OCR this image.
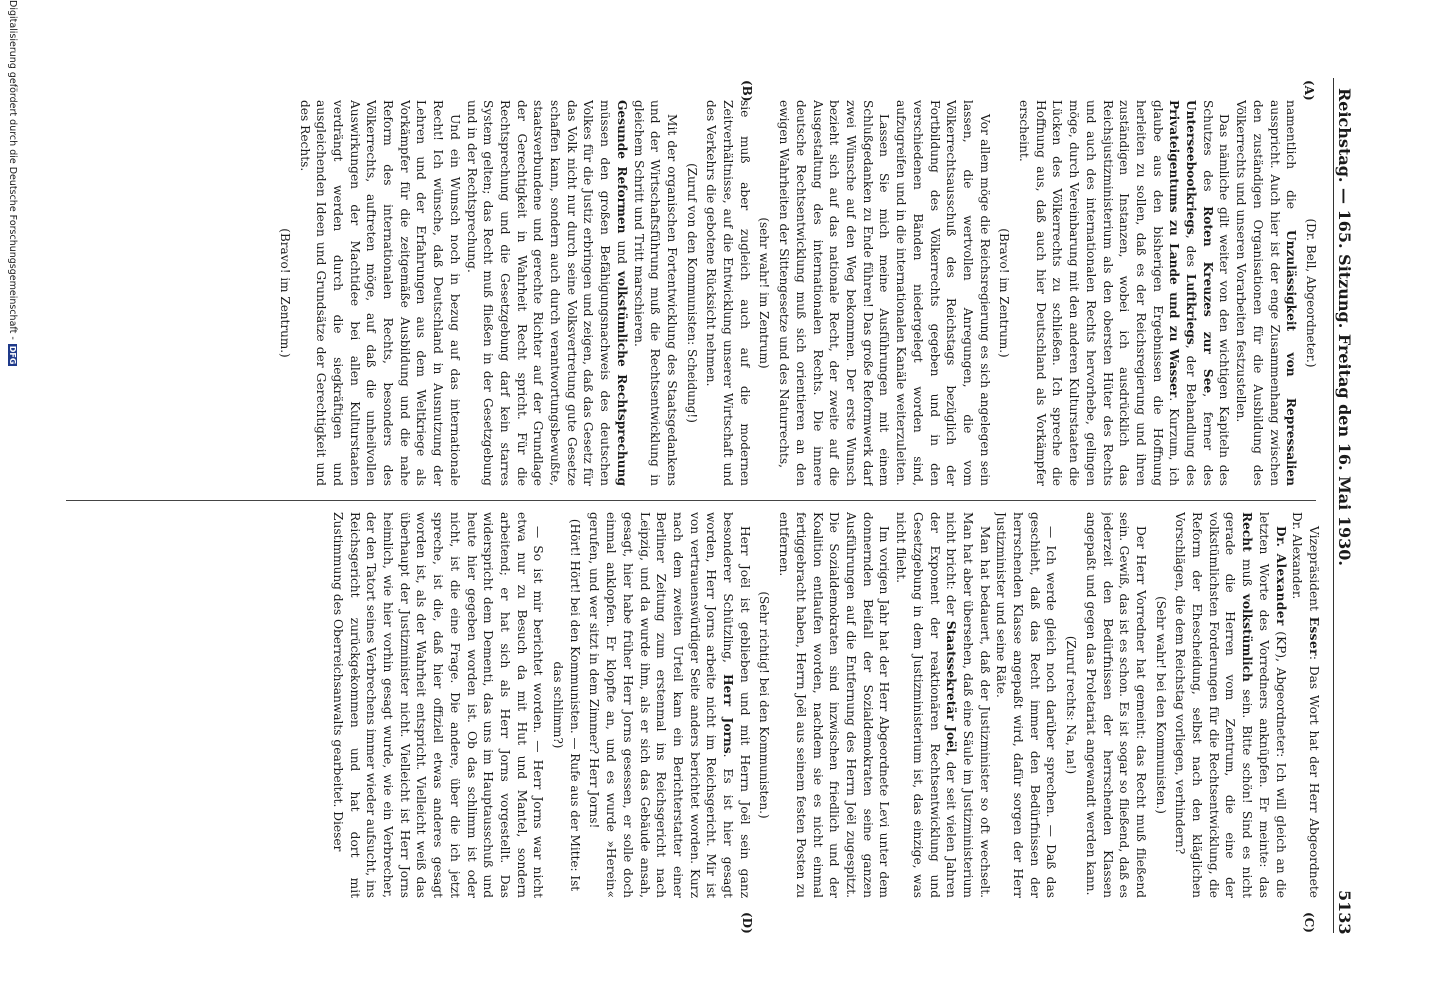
Reichstag. — 165. Sitzung. Freitag den 16. Mai 1930.
5133
(A)
(B)
(C)
(D)

(Dr. Bell, Abgeordneter.)

namentlich die Unzulässigkeit von Repressalien ausspricht. Auch hier ist der enge Zusammenhang zwischen den zuständigen Organisationen für die Ausbildung des Völkerrechts und unseren Vorarbeiten festzustellen.

Das nämliche gilt weiter von den wichtigen Kapiteln des Schutzes des Roten Kreuzes zur See, ferner des Unterseebootkriegs, des Luftkriegs, der Behandlung des Privateigentums zu Lande und zu Wasser. Kurzum, ich glaube aus den bisherigen Ergebnissen die Hoffnung herleiten zu sollen, daß es der Reichsregierung und ihren zuständigen Instanzen, wobei ich ausdrücklich das Reichsjustizministerium als den obersten Hüter des Rechts und auch des internationalen Rechts hervorhebe, gelingen möge, durch Vereinbarung mit den anderen Kulturstaaten die Lücken des Völkerrechts zu schließen. Ich spreche die Hoffnung aus, daß auch hier Deutschland als Vorkämpfer erscheint.

(Bravo! im Zentrum.)

Vor allem möge die Reichsregierung es sich angelegen sein lassen, die wertvollen Anregungen, die vom Völkerrechtsausschuß des Reichstags bezüglich der Fortbildung des Völkerrechts gegeben und in den verschiedenen Bänden niedergelegt worden sind, aufzugreifen und in die internationalen Kanäle weiterzuleiten.

Lassen Sie mich meine Ausführungen mit einem Schlußgedanken zu Ende führen! Das große Reformwerk darf zwei Wünsche auf den Weg bekommen. Der erste Wunsch bezieht sich auf das nationale Recht, der zweite auf die Ausgestaltung des internationalen Rechts. Die innere deutsche Rechtsentwicklung muß sich orientieren an den ewigen Wahrheiten der Sittengesetze und des Naturrechts,

(sehr wahr! im Zentrum)

sie muß aber zugleich auch auf die modernen Zeitverhältnisse, auf die Entwicklung unserer Wirtschaft und des Verkehrs die gebotene Rücksicht nehmen.

(Zuruf von den Kommunisten: Scheidung!)

Mit der organischen Fortentwicklung des Staatsgedankens und der Wirtschaftsführung muß die Rechtsentwicklung in gleichem Schritt und Tritt marschieren.

Gesunde Reformen und volkstümliche Rechtsprechung müssen den großen Befähigungsnachweis des deutschen Volkes für die Justiz erbringen und zeigen, daß das Gesetz für das Volk nicht nur durch seine Volksvertretung gute Gesetze schaffen kann, sondern auch durch verantwortungsbewußte, staatsverbundene und gerechte Richter auf der Grundlage der Gerechtigkeit in Wahrheit Recht spricht. Für die Rechtsprechung und die Gesetzgebung darf kein starres System gelten; das Recht muß fließen in der Gesetzgebung und in der Rechtsprechung.

Und ein Wunsch noch in bezug auf das internationale Recht! Ich wünsche, daß Deutschland in Ausnutzung der Lehren und der Erfahrungen aus dem Weltkriege als Vorkämpfer für die zeitgemäße Ausbildung und die nahe Reform des internationalen Rechts, besonders des Völkerrechts, auftreten möge, auf daß die unheilvollen Auswirkungen der Machtidee bei allen Kulturstaaten verdrängt werden durch die siegkräftigen und ausgleichenden Ideen und Grundsätze der Gerechtigkeit und des Rechts.

(Bravo! im Zentrum.)

Vizepräsident Esser: Das Wort hat der Herr Abgeordnete Dr. Alexander.

Dr. Alexander (KP), Abgeordneter: Ich will gleich an die letzten Worte des Vorredners anknüpfen. Er meinte: das Recht muß volkstümlich sein. Bitte schön! Sind es nicht gerade die Herren vom Zentrum, die eine der volkstümlichsten Forderungen für die Rechtsentwicklung, die Reform der Ehescheidung, selbst nach den kläglichen Vorschlägen, die dem Reichstag vorliegen, verhindern?

(Sehr wahr! bei den Kommunisten.)

Der Herr Vorredner hat gemeint: das Recht muß fließend sein. Gewiß, das ist es schon. Es ist sogar so fließend, daß es jederzeit den Bedürfnissen der herrschenden Klassen angepaßt und gegen das Proletariat angewandt werden kann.

(Zuruf rechts: Na, na!)

— Ich werde gleich noch darüber sprechen. — Daß das geschieht, daß das Recht immer den Bedürfnissen der herrschenden Klasse angepaßt wird, dafür sorgen der Herr Justizminister und seine Räte.

Man hat bedauert, daß der Justizminister so oft wechselt. Man hat aber übersehen, daß eine Säule im Justizministerium nicht bricht: der Staatssekretär Joël, der seit vielen Jahren der Exponent der reaktionären Rechtsentwicklung und Gesetzgebung in dem Justizministerium ist, das einzige, was nicht flieht.

Im vorigen Jahr hat der Herr Abgeordnete Levi unter dem donnernden Beifall der Sozialdemokraten seine ganzen Ausführungen auf die Entfernung des Herrn Joël zugespitzt. Die Sozialdemokraten sind inzwischen friedlich und der Koalition entlaufen worden, nachdem sie es nicht einmal fertiggebracht haben, Herrn Joël aus seinem festen Posten zu entfernen.

(Sehr richtig! bei den Kommunisten.)

Herr Joël ist geblieben und mit Herrn Joël sein ganz besonderer Schützling, Herr Jorns. Es ist hier gesagt worden, Herr Jorns arbeite nicht im Reichsgericht. Mir ist von vertrauenswürdiger Seite anders berichtet worden. Kurz nach dem zweiten Urteil kam ein Berichterstatter einer Berliner Zeitung zum erstenmal ins Reichsgericht nach Leipzig, und da wurde ihm, als er sich das Gebäude ansah, gesagt, hier habe früher Herr Jorns gesessen, er solle doch einmal anklopfen. Er klopfte an, und es wurde »Herein« gerufen, und wer sitzt in dem Zimmer? Herr Jorns!

(Hört! Hört! bei den Kommunisten. — Rufe aus der Mitte: Ist das schlimm?)

— So ist mir berichtet worden. — Herr Jorns war nicht etwa nur zu Besuch da mit Hut und Mantel, sondern arbeitend; er hat sich als Herr Jorns vorgestellt. Das widerspricht dem Dementi, das uns im Hauptausschuß und heute hier gegeben worden ist. Ob das schlimm ist oder nicht, ist die eine Frage. Die andere, über die ich jetzt spreche, ist die, daß hier offiziell etwas anderes gesagt worden ist, als der Wahrheit entspricht. Vielleicht weiß das überhaupt der Justizminister nicht. Vielleicht ist Herr Jorns heimlich, wie hier vorhin gesagt wurde, wie ein Verbrecher, der den Tatort seines Verbrechens immer wieder aufsucht, ins Reichsgericht zurückgekommen und hat dort mit Zustimmung des Oberreichsanwalts gearbeitet. Dieser

Digitalisierung gefördert durch die Deutsche Forschungsgemeinschaft -DFG
